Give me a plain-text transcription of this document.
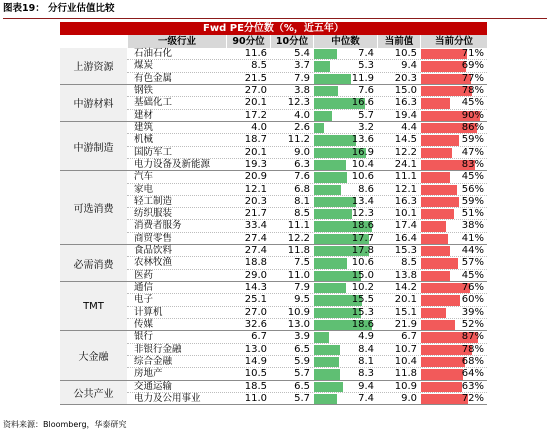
图表19： 分行业估值比较
Fwd PE分位数（%，近五年）
一级行业	90分位	10分位	中位数	当前值	当前分位
上游资源
石油石化	11.6	5.4	7.4	10.5	71%
煤炭	8.5	3.7	5.3	9.4	69%
有色金属	21.5	7.9	11.9	20.3	77%
中游材料
钢铁	27.0	3.8	7.6	15.0	78%
基础化工	20.1	12.3	16.6	16.3	45%
建材	17.2	4.0	5.7	19.4	90%
中游制造
建筑	4.0	2.6	3.2	4.4	86%
机械	18.7	11.2	13.6	14.5	59%
国防军工	20.1	9.0	16.9	12.2	47%
电力设备及新能源	19.3	6.3	10.4	24.1	83%
可选消费
汽车	20.9	7.6	10.6	11.1	45%
家电	12.1	6.8	8.6	12.1	56%
轻工制造	20.3	8.1	13.4	16.3	59%
纺织服装	21.7	8.5	12.3	10.1	51%
消费者服务	33.4	11.1	18.6	17.4	38%
商贸零售	27.4	12.2	17.7	16.4	41%
必需消费
食品饮料	27.4	11.8	17.8	15.3	44%
农林牧渔	18.8	7.5	10.6	8.5	57%
医药	29.0	11.0	15.0	13.8	45%
TMT
通信	14.3	7.9	10.2	14.2	76%
电子	25.1	9.5	15.5	20.1	60%
计算机	27.0	10.9	15.3	15.1	39%
传媒	32.6	13.0	18.6	21.9	52%
大金融
银行	6.7	3.9	4.9	6.7	87%
非银行金融	13.0	6.5	8.4	10.7	78%
综合金融	14.9	5.9	8.1	10.4	68%
房地产	10.5	5.7	8.3	11.8	64%
公共产业
交通运输	18.5	6.5	9.4	10.9	63%
电力及公用事业	11.0	5.7	7.4	9.0	72%
资料来源：Bloomberg，华泰研究
